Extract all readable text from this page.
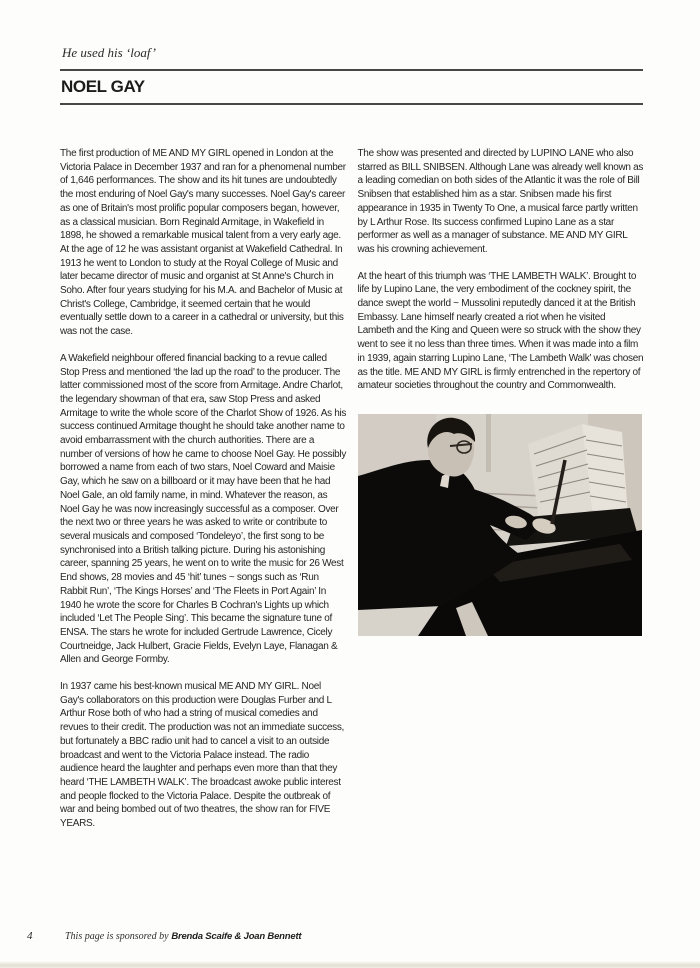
He used his ‘loaf’
NOEL GAY

The first production of ME AND MY GIRL opened in London at the Victoria Palace in December 1937 and ran for a phenomenal number of 1,646 performances. The show and its hit tunes are undoubtedly the most enduring of Noel Gay's many successes. Noel Gay's career as one of Britain's most prolific popular composers began, however, as a classical musician. Born Reginald Armitage, in Wakefield in 1898, he showed a remarkable musical talent from a very early age. At the age of 12 he was assistant organist at Wakefield Cathedral. In 1913 he went to London to study at the Royal College of Music and later became director of music and organist at St Anne's Church in Soho. After four years studying for his M.A. and Bachelor of Music at Christ's College, Cambridge, it seemed certain that he would eventually settle down to a career in a cathedral or university, but this was not the case.

A Wakefield neighbour offered financial backing to a revue called Stop Press and mentioned ‘the lad up the road’ to the producer. The latter commissioned most of the score from Armitage. Andre Charlot, the legendary showman of that era, saw Stop Press and asked Armitage to write the whole score of the Charlot Show of 1926. As his success continued Armitage thought he should take another name to avoid embarrassment with the church authorities. There are a number of versions of how he came to choose Noel Gay. He possibly borrowed a name from each of two stars, Noel Coward and Maisie Gay, which he saw on a billboard or it may have been that he had Noel Gale, an old family name, in mind. Whatever the reason, as Noel Gay he was now increasingly successful as a composer. Over the next two or three years he was asked to write or contribute to several musicals and composed ‘Tondeleyo’, the first song to be synchronised into a British talking picture. During his astonishing career, spanning 25 years, he went on to write the music for 26 West End shows, 28 movies and 45 ‘hit’ tunes ~ songs such as ‘Run Rabbit Run’, ‘The Kings Horses’ and ‘The Fleets in Port Again’ In 1940 he wrote the score for Charles B Cochran's Lights up which included ‘Let The People Sing’. This became the signature tune of ENSA. The stars he wrote for included Gertrude Lawrence, Cicely Courtneidge, Jack Hulbert, Gracie Fields, Evelyn Laye, Flanagan & Allen and George Formby.

In 1937 came his best-known musical ME AND MY GIRL. Noel Gay's collaborators on this production were Douglas Furber and L Arthur Rose both of who had a string of musical comedies and revues to their credit. The production was not an immediate success, but fortunately a BBC radio unit had to cancel a visit to an outside broadcast and went to the Victoria Palace instead. The radio audience heard the laughter and perhaps even more than that they heard ‘THE LAMBETH WALK’. The broadcast awoke public interest and people flocked to the Victoria Palace. Despite the outbreak of war and being bombed out of two theatres, the show ran for FIVE YEARS.

The show was presented and directed by LUPINO LANE who also starred as BILL SNIBSEN. Although Lane was already well known as a leading comedian on both sides of the Atlantic it was the role of Bill Snibsen that established him as a star. Snibsen made his first appearance in 1935 in Twenty To One, a musical farce partly written by L Arthur Rose. Its success confirmed Lupino Lane as a star performer as well as a manager of substance. ME AND MY GIRL was his crowning achievement.

At the heart of this triumph was ‘THE LAMBETH WALK’. Brought to life by Lupino Lane, the very embodiment of the cockney spirit, the dance swept the world ~ Mussolini reputedly danced it at the British Embassy. Lane himself nearly created a riot when he visited Lambeth and the King and Queen were so struck with the show they went to see it no less than three times. When it was made into a film in 1939, again starring Lupino Lane, ‘The Lambeth Walk’ was chosen as the title. ME AND MY GIRL is firmly entrenched in the repertory of amateur societies throughout the country and Commonwealth.

4	This page is sponsored by Brenda Scaife & Joan Bennett
